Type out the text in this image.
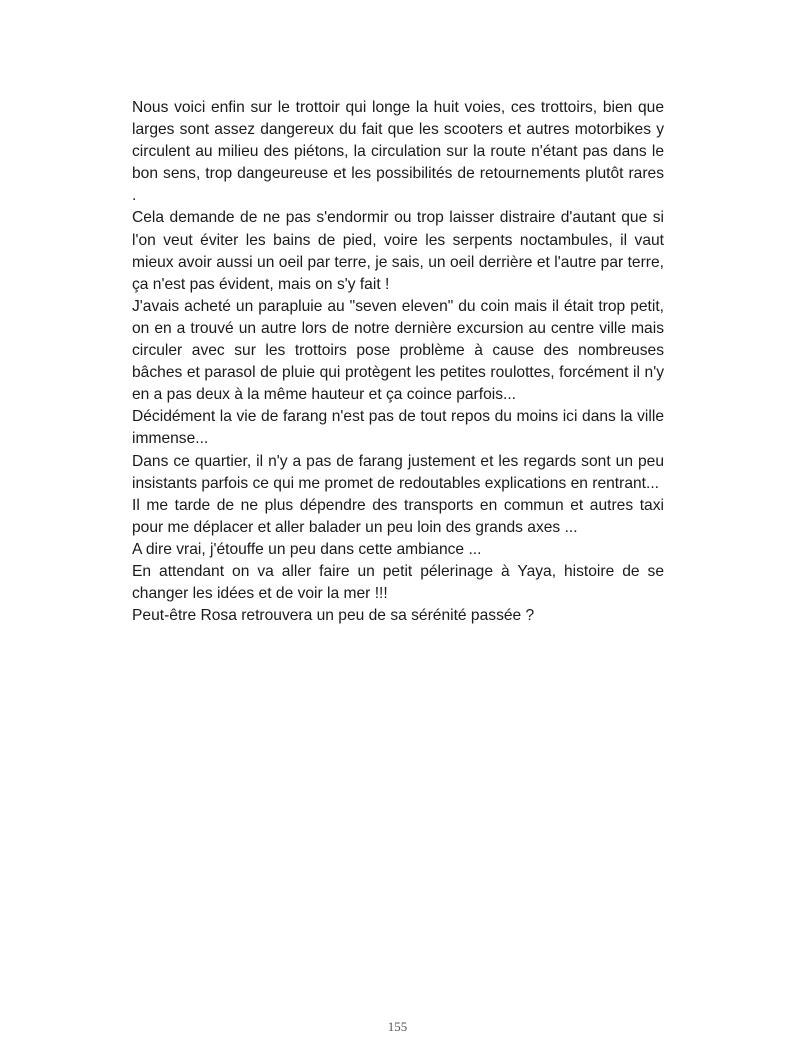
Nous voici enfin sur le trottoir qui longe la huit voies, ces trottoirs, bien que larges sont assez dangereux du fait que les scooters et autres motorbikes y circulent au milieu des piétons, la circulation sur la route n'étant pas dans le bon sens, trop dangeureuse et les possibilités de retournements plutôt rares .

Cela demande de ne pas s'endormir ou trop laisser distraire d'autant que si l'on veut éviter les bains de pied, voire les serpents noctambules, il vaut mieux avoir aussi un oeil par terre, je sais, un oeil derrière et l'autre par terre, ça n'est pas évident, mais on s'y fait !

J'avais acheté un parapluie au "seven eleven" du coin mais il était trop petit, on en a trouvé un autre lors de notre dernière excursion au centre ville mais circuler avec sur les trottoirs pose problème à cause des nombreuses bâches et parasol de pluie qui protègent les petites roulottes, forcément il n'y en a pas deux à la même hauteur et ça coince parfois...

Décidément la vie de farang n'est pas de tout repos du moins ici dans la ville immense...

Dans ce quartier, il n'y a pas de farang justement et les regards sont un peu insistants parfois ce qui me promet de redoutables explications en rentrant...

Il me tarde de ne plus dépendre des transports en commun et autres taxi pour me déplacer et aller balader un peu loin des grands axes ...

A dire vrai, j'étouffe un peu dans cette ambiance ...

En attendant on va aller faire un petit pélerinage à Yaya, histoire de se changer les idées et de voir la mer !!!

Peut-être Rosa retrouvera un peu de sa sérénité passée ?

155
